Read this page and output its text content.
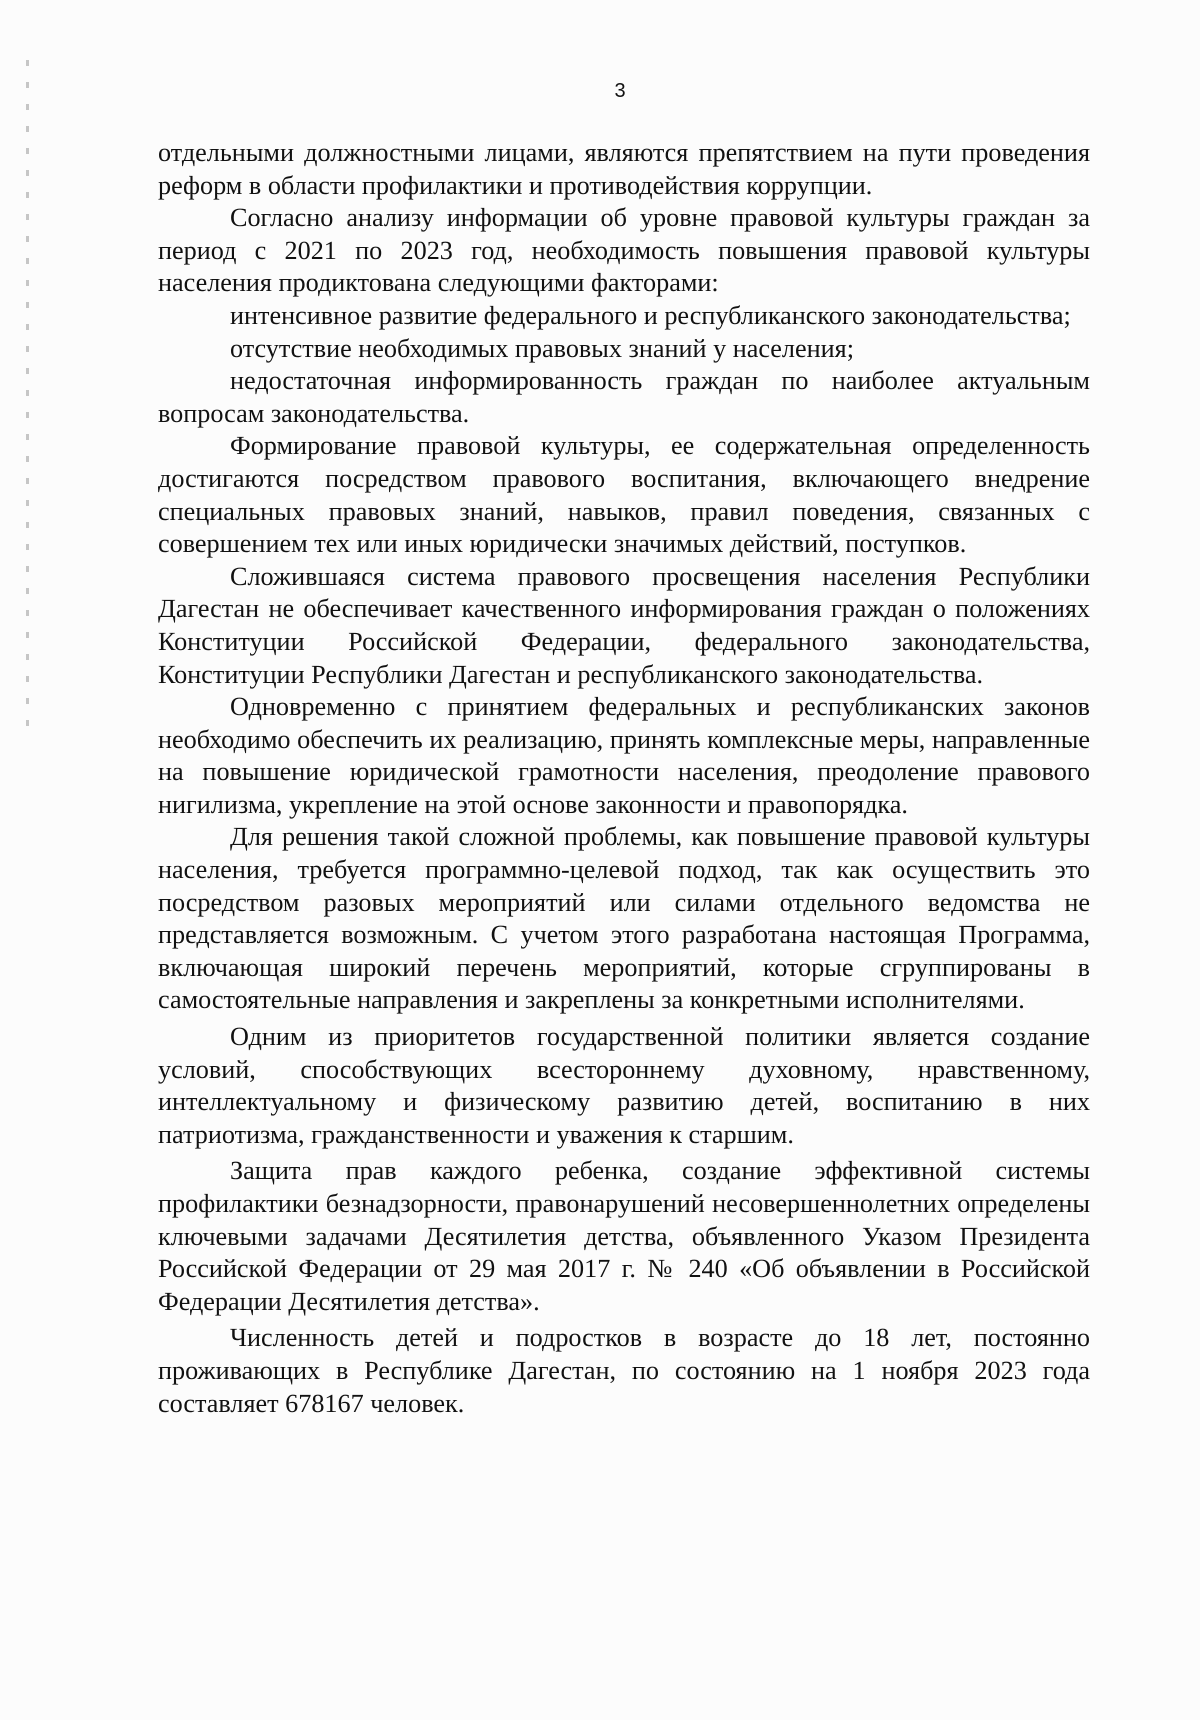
3

отдельными должностными лицами, являются препятствием на пути проведения реформ в области профилактики и противодействия коррупции.

Согласно анализу информации об уровне правовой культуры граждан за период с 2021 по 2023 год, необходимость повышения правовой культуры населения продиктована следующими факторами:

интенсивное развитие федерального и республиканского законодательства;

отсутствие необходимых правовых знаний у населения;

недостаточная информированность граждан по наиболее актуальным вопросам законодательства.

Формирование правовой культуры, ее содержательная определенность достигаются посредством правового воспитания, включающего внедрение специальных правовых знаний, навыков, правил поведения, связанных с совершением тех или иных юридически значимых действий, поступков.

Сложившаяся система правового просвещения населения Республики Дагестан не обеспечивает качественного информирования граждан о положениях Конституции Российской Федерации, федерального законодательства, Конституции Республики Дагестан и республиканского законодательства.

Одновременно с принятием федеральных и республиканских законов необходимо обеспечить их реализацию, принять комплексные меры, направленные на повышение юридической грамотности населения, преодоление правового нигилизма, укрепление на этой основе законности и правопорядка.

Для решения такой сложной проблемы, как повышение правовой культуры населения, требуется программно-целевой подход, так как осуществить это посредством разовых мероприятий или силами отдельного ведомства не представляется возможным. С учетом этого разработана настоящая Программа, включающая широкий перечень мероприятий, которые сгруппированы в самостоятельные направления и закреплены за конкретными исполнителями.

Одним из приоритетов государственной политики является создание условий, способствующих всестороннему духовному, нравственному, интеллектуальному и физическому развитию детей, воспитанию в них патриотизма, гражданственности и уважения к старшим.

Защита прав каждого ребенка, создание эффективной системы профилактики безнадзорности, правонарушений несовершеннолетних определены ключевыми задачами Десятилетия детства, объявленного Указом Президента Российской Федерации от 29 мая 2017 г. № 240 «Об объявлении в Российской Федерации Десятилетия детства».

Численность детей и подростков в возрасте до 18 лет, постоянно проживающих в Республике Дагестан, по состоянию на 1 ноября 2023 года составляет 678167 человек.
